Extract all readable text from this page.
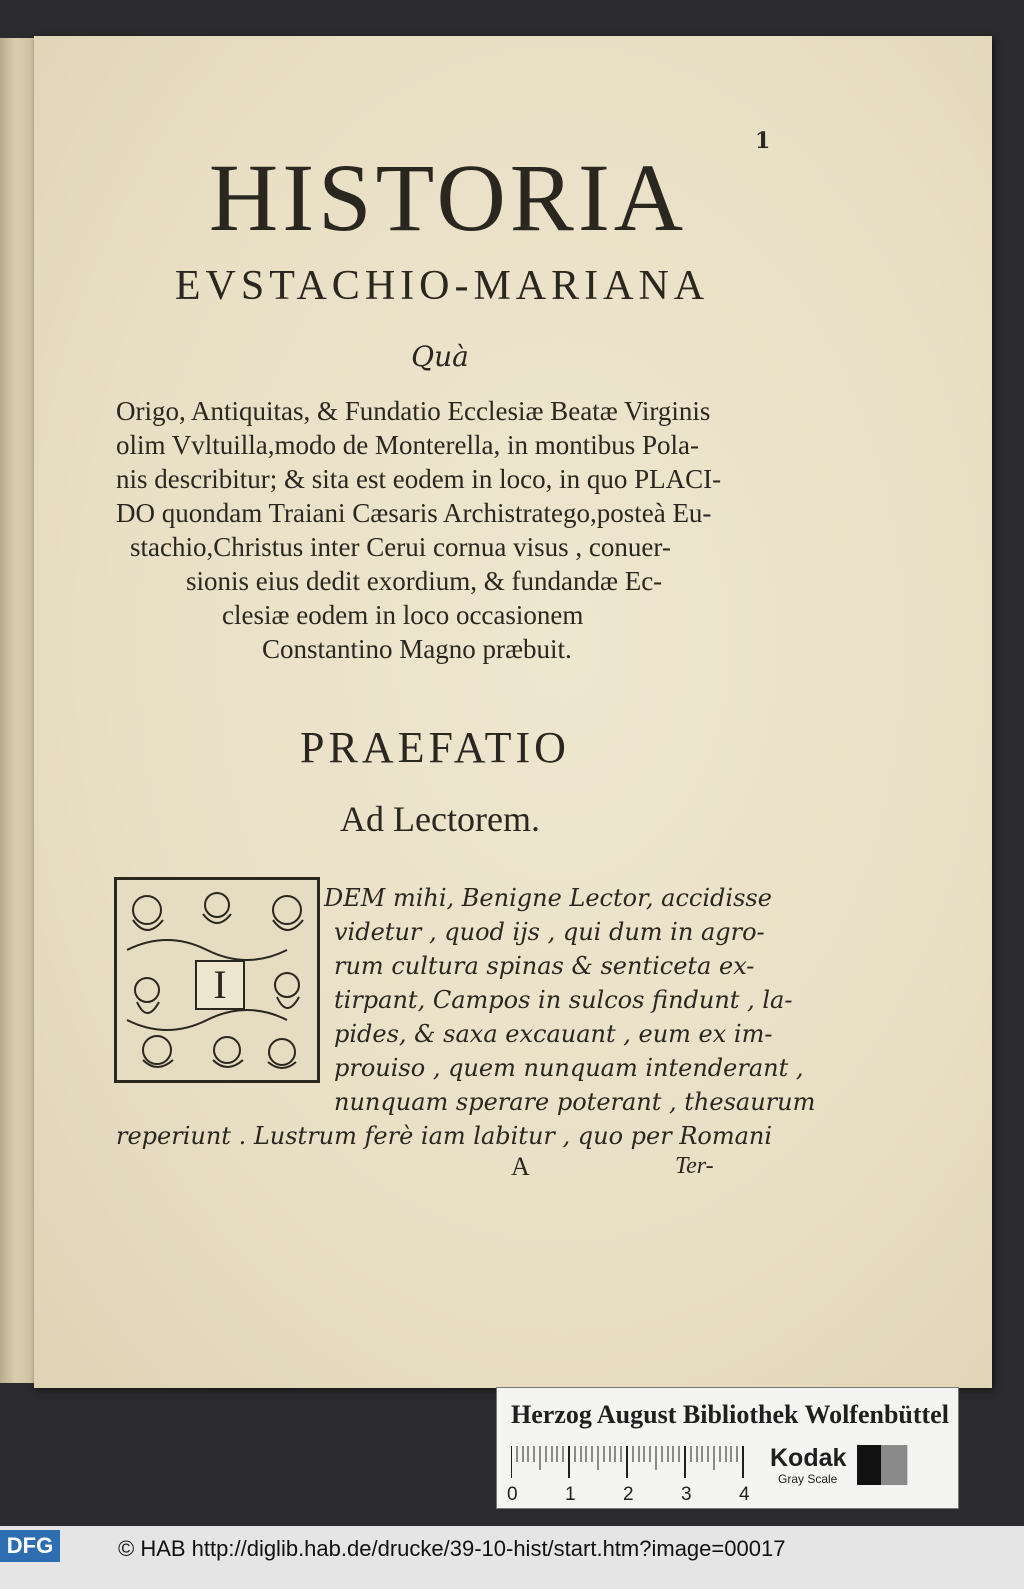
1
HISTORIA
EVSTACHIO-MARIANA
Quà
Origo, Antiquitas, & Fundatio Ecclesiæ Beatæ Virginis
olim Vvltuilla,modo de Monterella, in montibus Pola-
nis describitur; & sita est eodem in loco, in quo PLACI-
DO quondam Traiani Cæsaris Archistratego,posteà Eu-
stachio,Christus inter Cerui cornua visus , conuer-
sionis eius dedit exordium, & fundandæ Ec-
clesiæ eodem in loco occasionem
Constantino Magno præbuit.
PRAEFATIO
Ad Lectorem.
I
DEM mihi, Benigne Lector, accidisse
videtur , quod ijs , qui dum in agro-
rum cultura spinas & senticeta ex-
tirpant, Campos in sulcos findunt , la-
pides, & saxa excauant , eum ex im-
prouiso , quem nunquam intenderant ,
nunquam sperare poterant , thesaurum
reperiunt . Lustrum ferè iam labitur , quo per Romani
A	Ter-
Herzog August Bibliothek Wolfenbüttel
0 1 2 3 4
Kodak
Gray Scale
DFG	© HAB http://diglib.hab.de/drucke/39-10-hist/start.htm?image=00017
